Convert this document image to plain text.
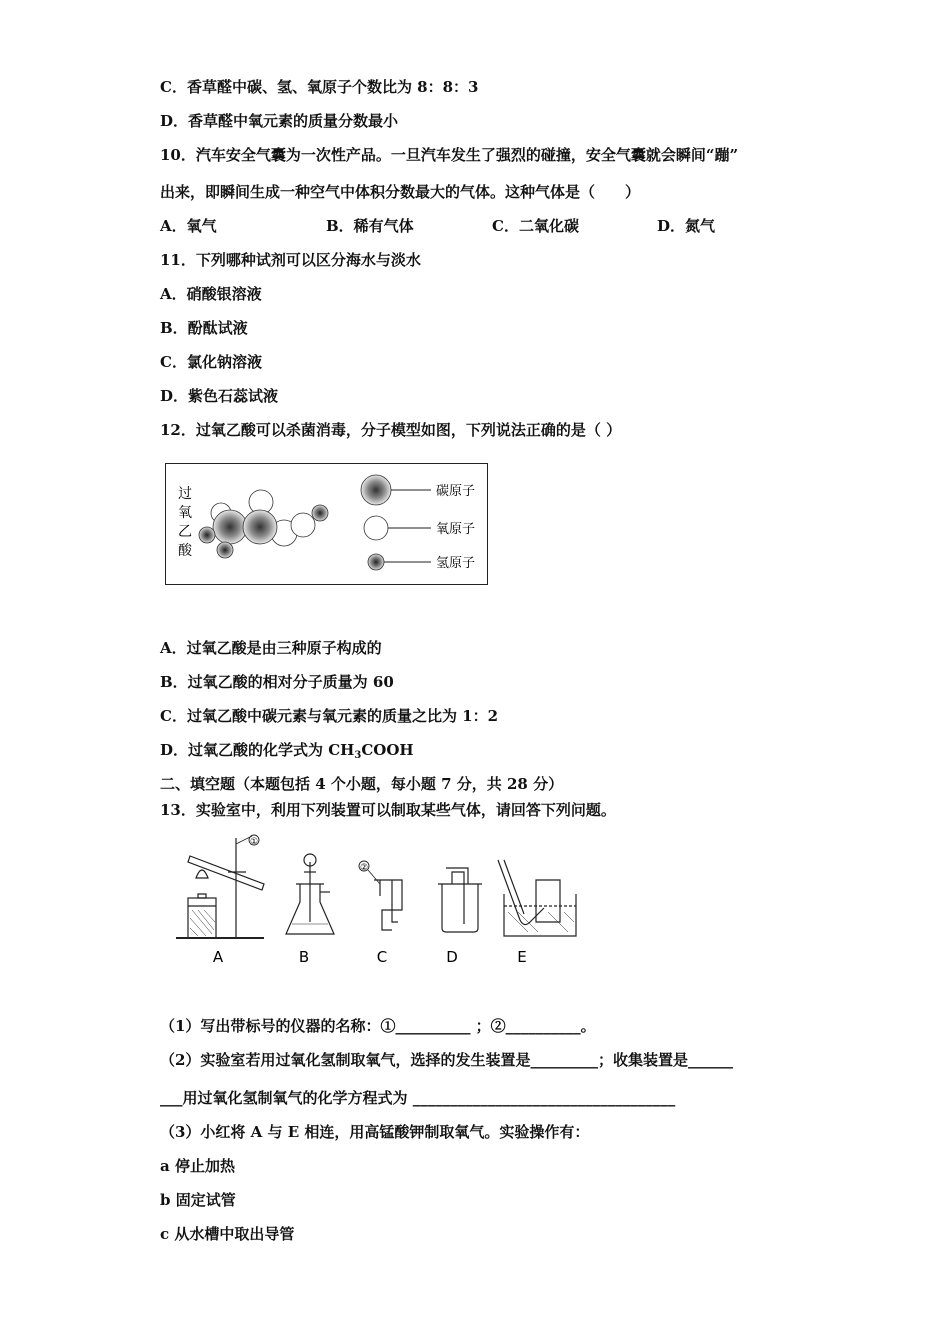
C．香草醛中碳、氢、氧原子个数比为 8：8：3
D．香草醛中氧元素的质量分数最小
10．汽车安全气囊为一次性产品。一旦汽车发生了强烈的碰撞，安全气囊就会瞬间“蹦”
出来，即瞬间生成一种空气中体积分数最大的气体。这种气体是（　　）
A．氧气	B．稀有气体	C．二氧化碳	D．氮气
11．下列哪种试剂可以区分海水与淡水
A．硝酸银溶液
B．酚酞试液
C．氯化钠溶液
D．紫色石蕊试液
12．过氧乙酸可以杀菌消毒，分子模型如图，下列说法正确的是（ ）
过
氧
乙
酸
碳原子
氧原子
氢原子
A．过氧乙酸是由三种原子构成的
B．过氧乙酸的相对分子质量为 60
C．过氧乙酸中碳元素与氧元素的质量之比为 1：2
D．过氧乙酸的化学式为 $CH_3COOH$
二、填空题（本题包括 4 个小题，每小题 7 分，共 28 分）
13．实验室中，利用下列装置可以制取某些气体，请回答下列问题。
①
②
A	B	C	D	E
（1）写出带标号的仪器的名称：①__________ ；②__________。
（2）实验室若用过氧化氢制取氧气，选择的发生装置是_________；收集装置是______
___用过氧化氢制氧气的化学方程式为 ___________________________________
（3）小红将 A 与 E 相连，用高锰酸钾制取氧气。实验操作有：
a 停止加热
b 固定试管
c 从水槽中取出导管
